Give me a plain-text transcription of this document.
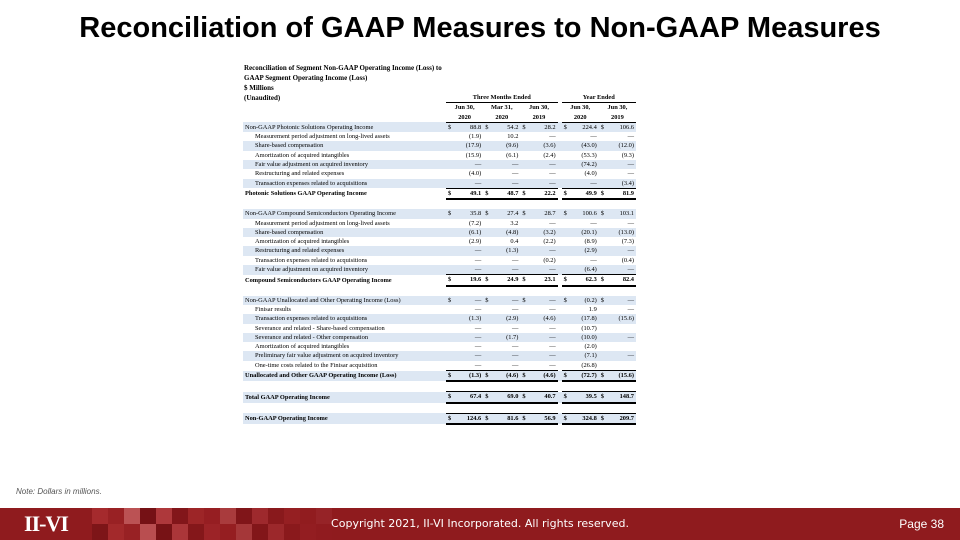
Reconciliation of GAAP Measures to Non-GAAP Measures
Reconciliation of Segment Non-GAAP Operating Income (Loss) to
GAAP Segment Operating Income (Loss)
$ Millions
(Unaudited)
		Three Months Ended				Year Ended	
	Jun 30,	Mar 31,	Jun 30,		Jun 30,	Jun 30,
	2020	2020	2019		2020	2019
Non-GAAP Photonic Solutions Operating Income	$ 88.8	$ 54.2	$ 28.2		$ 224.4	$ 106.6
Measurement period adjustment on long-lived assets	(1.9)	10.2	—		—	—
Share-based compensation	(17.9)	(9.6)	(3.6)		(43.0)	(12.0)
Amortization of acquired intangibles	(15.9)	(6.1)	(2.4)		(53.3)	(9.3)
Fair value adjustment on acquired inventory	—	—	—		(74.2)	—
Restructuring and related expenses	(4.0)	—	—		(4.0)	—
Transaction expenses related to acquisitions	—	—	—		—	(3.4)
Photonic Solutions GAAP Operating Income	$ 49.1	$ 48.7	$ 22.2		$ 49.9	$ 81.9

Non-GAAP Compound Semiconductors Operating Income	$ 35.8	$ 27.4	$ 28.7		$ 100.6	$ 103.1
Measurement period adjustment on long-lived assets	(7.2)	3.2	—		—	—
Share-based compensation	(6.1)	(4.8)	(3.2)		(20.1)	(13.0)
Amortization of acquired intangibles	(2.9)	0.4	(2.2)		(8.9)	(7.3)
Restructuring and related expenses	—	(1.3)	—		(2.9)	—
Transaction expenses related to acquisitions	—	—	(0.2)		—	(0.4)
Fair value adjustment on acquired inventory	—	—	—		(6.4)	—
Compound Semiconductors GAAP Operating Income	$ 19.6	$ 24.9	$ 23.1		$ 62.3	$ 82.4

Non-GAAP Unallocated and Other Operating Income (Loss)	$ —	$ —	$ —		$ (0.2)	$ —
Finisar results	—	—	—		1.9	—
Transaction expenses related to acquisitions	(1.3)	(2.9)	(4.6)		(17.8)	(15.6)
Severance and related - Share-based compensation	—	—	—		(10.7)	
Severance and related - Other compensation	—	(1.7)	—		(10.0)	—
Amortization of acquired intangibles	—	—	—		(2.0)	
Preliminary fair value adjustment on acquired inventory	—	—	—		(7.1)	—
One-time costs related to the Finisar acquisition	—	—	—		(26.8)	
Unallocated and Other GAAP Operating Income (Loss)	$ (1.3)	$ (4.6)	$ (4.6)		$ (72.7)	$ (15.6)

Total GAAP Operating Income	$ 67.4	$ 69.0	$ 40.7		$ 39.5	$ 148.7

Non-GAAP Operating Income	$ 124.6	$ 81.6	$ 56.9		$ 324.8	$ 209.7
Note: Dollars in millions.
II-VI	Copyright 2021, II-VI Incorporated. All rights reserved.	Page 38
